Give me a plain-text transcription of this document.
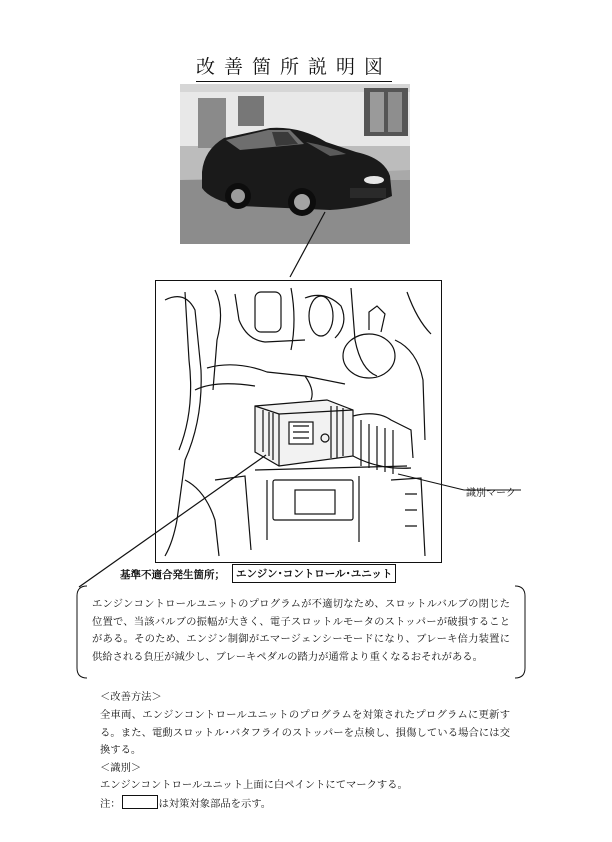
改善箇所説明図
識別マーク
基準不適合発生箇所；	エンジン･コントロール･ユニット
エンジンコントロールユニットのプログラムが不適切なため、スロットルバルブの閉じた位置で、当該バルブの振幅が大きく、電子スロットルモータのストッパーが破損することがある。そのため、エンジン制御がエマージェンシーモードになり、ブレーキ倍力装置に供給される負圧が減少し、ブレーキペダルの踏力が通常より重くなるおそれがある。
＜改善方法＞
全車両、エンジンコントロールユニットのプログラムを対策されたプログラムに更新する。また、電動スロットル･バタフライのストッパーを点検し、損傷している場合には交換する。
＜識別＞
エンジンコントロールユニット上面に白ペイントにてマークする。
注：	は対策対象部品を示す。
